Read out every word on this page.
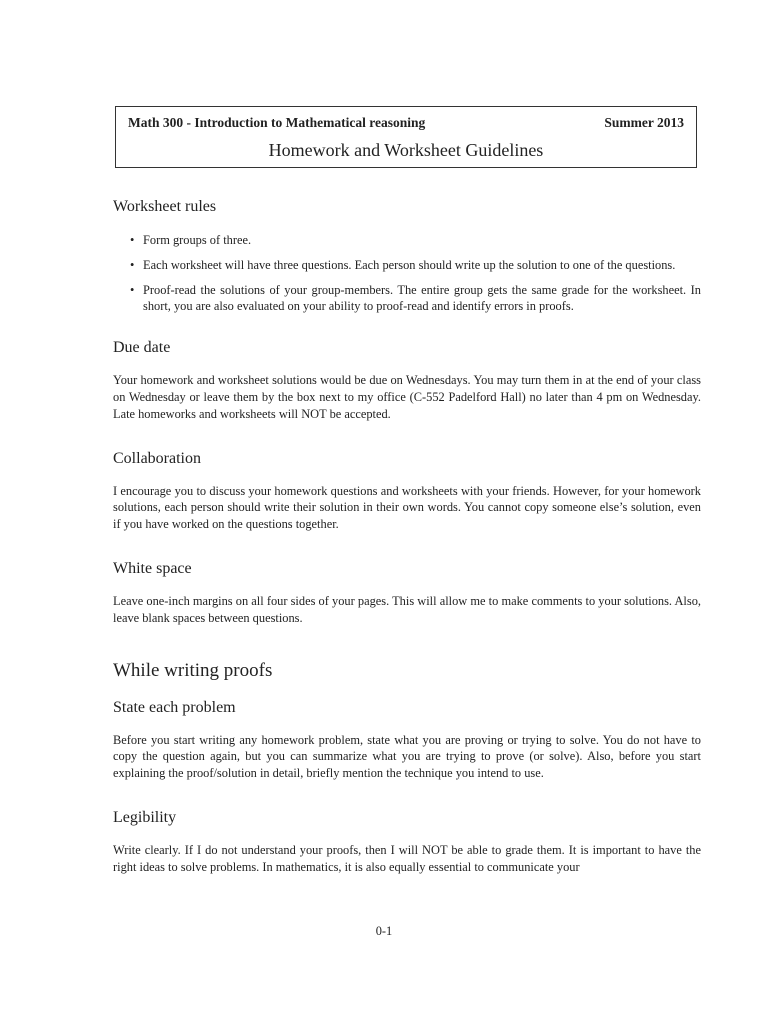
Math 300 - Introduction to Mathematical reasoning	Summer 2013
Homework and Worksheet Guidelines
Worksheet rules
• Form groups of three.
• Each worksheet will have three questions. Each person should write up the solution to one of the questions.
• Proof-read the solutions of your group-members. The entire group gets the same grade for the worksheet. In short, you are also evaluated on your ability to proof-read and identify errors in proofs.
Due date

Your homework and worksheet solutions would be due on Wednesdays. You may turn them in at the end of your class on Wednesday or leave them by the box next to my office (C-552 Padelford Hall) no later than 4 pm on Wednesday. Late homeworks and worksheets will NOT be accepted.

Collaboration

I encourage you to discuss your homework questions and worksheets with your friends. However, for your homework solutions, each person should write their solution in their own words. You cannot copy someone else’s solution, even if you have worked on the questions together.

White space

Leave one-inch margins on all four sides of your pages. This will allow me to make comments to your solutions. Also, leave blank spaces between questions.

While writing proofs
State each problem

Before you start writing any homework problem, state what you are proving or trying to solve. You do not have to copy the question again, but you can summarize what you are trying to prove (or solve). Also, before you start explaining the proof/solution in detail, briefly mention the technique you intend to use.

Legibility

Write clearly. If I do not understand your proofs, then I will NOT be able to grade them. It is important to have the right ideas to solve problems. In mathematics, it is also equally essential to communicate your

0-1
